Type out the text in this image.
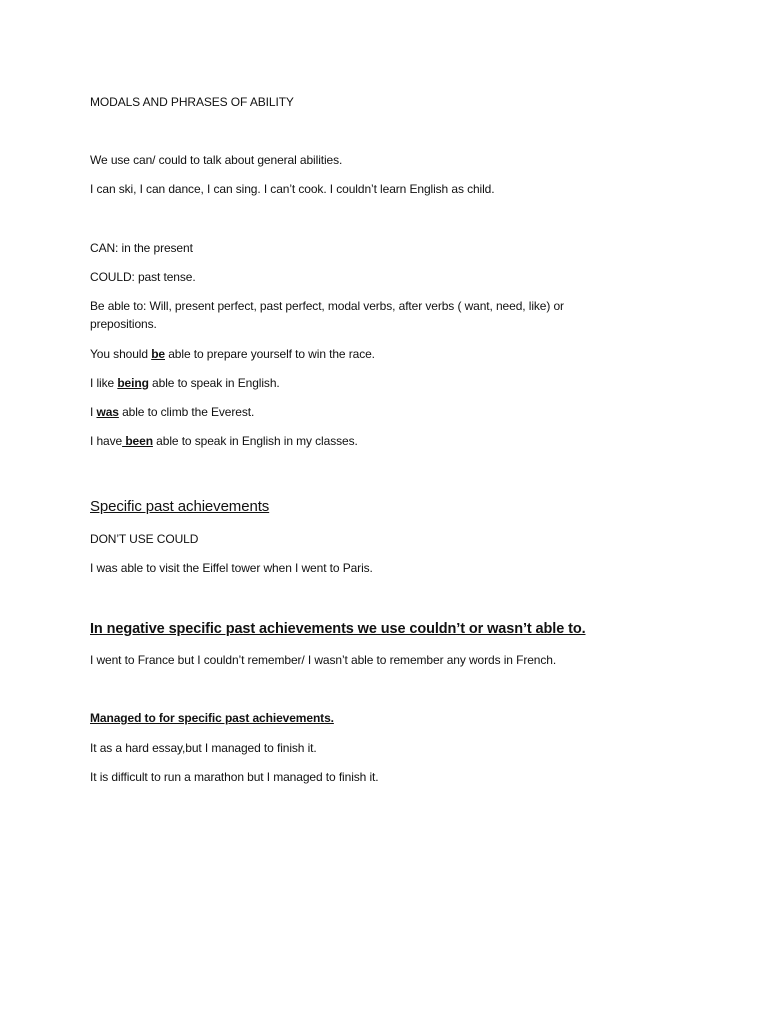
MODALS AND PHRASES OF ABILITY
We use can/ could to talk about general abilities.
I can ski, I can dance, I can sing. I can’t cook. I couldn’t learn English as child.
CAN: in the present
COULD: past tense.
Be able to: Will, present perfect, past perfect, modal verbs, after verbs ( want, need, like) or prepositions.
You should be able to prepare yourself to win the race.
I like being able to speak in English.
I was able to climb the Everest.
I have been able to speak in English in my classes.
Specific past achievements
DON’T USE COULD
I was able to visit the Eiffel tower when I went to Paris.
In negative specific past achievements we use couldn’t or wasn’t able to.
I went to France but I couldn’t remember/ I wasn’t able to remember any words in French.
Managed to for specific past achievements.
It as a hard essay,but I managed to finish it.
It is difficult to run a marathon but I managed to finish it.
